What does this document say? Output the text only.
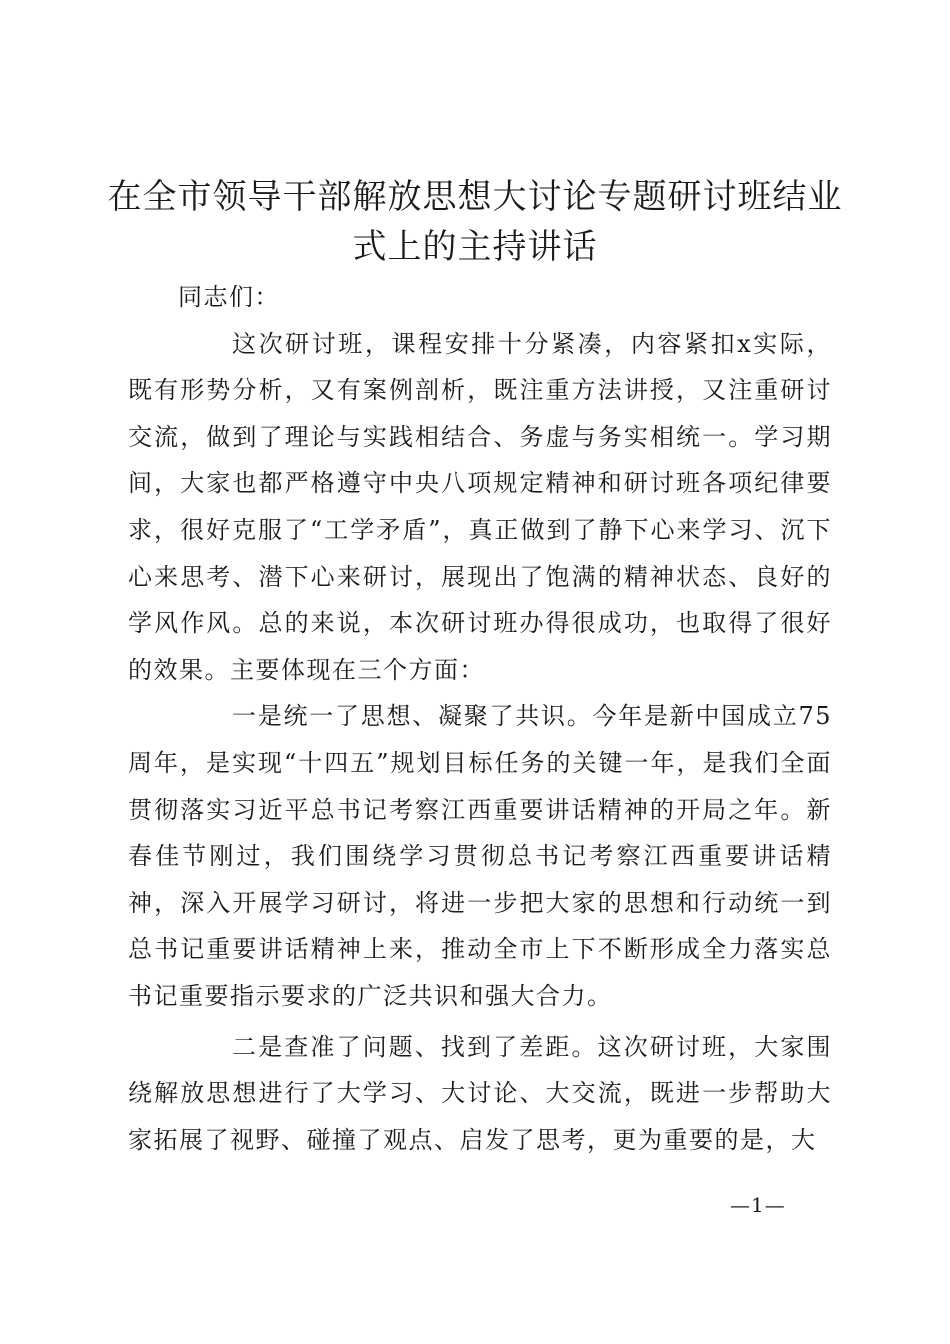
在全市领导干部解放思想大讨论专题研讨班结业式上的主持讲话

同志们：

这次研讨班，课程安排十分紧凑，内容紧扣x实际，既有形势分析，又有案例剖析，既注重方法讲授，又注重研讨交流，做到了理论与实践相结合、务虚与务实相统一。学习期间，大家也都严格遵守中央八项规定精神和研讨班各项纪律要求，很好克服了“工学矛盾”，真正做到了静下心来学习、沉下心来思考、潜下心来研讨，展现出了饱满的精神状态、良好的学风作风。总的来说，本次研讨班办得很成功，也取得了很好的效果。主要体现在三个方面：

一是统一了思想、凝聚了共识。今年是新中国成立75周年，是实现“十四五”规划目标任务的关键一年，是我们全面贯彻落实习近平总书记考察江西重要讲话精神的开局之年。新春佳节刚过，我们围绕学习贯彻总书记考察江西重要讲话精神，深入开展学习研讨，将进一步把大家的思想和行动统一到总书记重要讲话精神上来，推动全市上下不断形成全力落实总书记重要指示要求的广泛共识和强大合力。

二是查准了问题、找到了差距。这次研讨班，大家围绕解放思想进行了大学习、大讨论、大交流，既进一步帮助大家拓展了视野、碰撞了观点、启发了思考，更为重要的是，大

—1—
